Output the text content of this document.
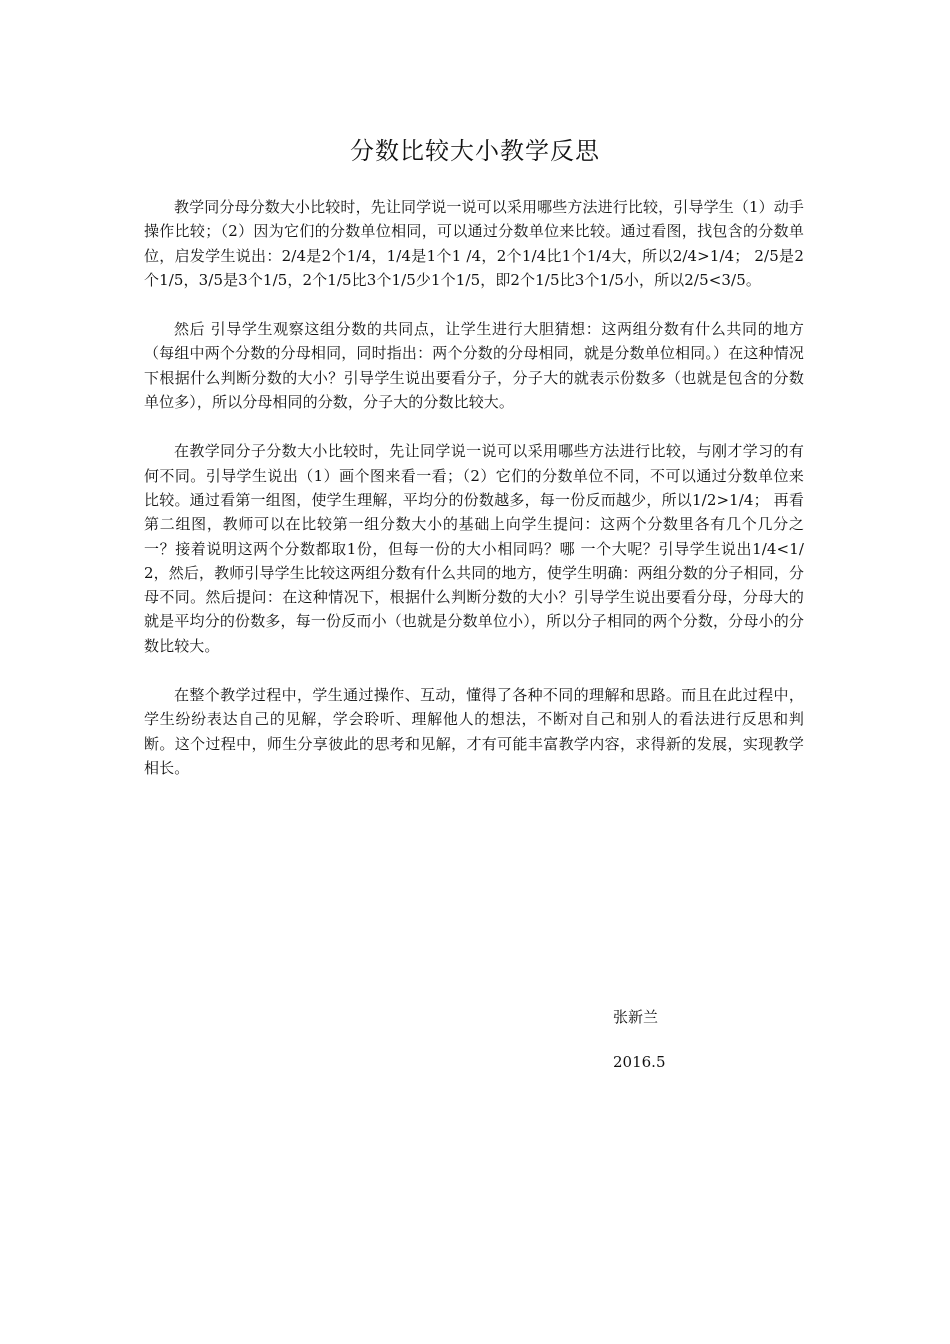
分数比较大小教学反思

教学同分母分数大小比较时，先让同学说一说可以采用哪些方法进行比较，引导学生（1）动手操作比较；（2）因为它们的分数单位相同，可以通过分数单位来比较。通过看图，找包含的分数单位，启发学生说出：2/4是2个1/4，1/4是1个1 /4，2个1/4比1个1/4大，所以2/4>1/4； 2/5是2个1/5，3/5是3个1/5，2个1/5比3个1/5少1个1/5，即2个1/5比3个1/5小，所以2/5<3/5。

然后 引导学生观察这组分数的共同点，让学生进行大胆猜想：这两组分数有什么共同的地方（每组中两个分数的分母相同，同时指出：两个分数的分母相同，就是分数单位相同。）在这种情况下根据什么判断分数的大小？引导学生说出要看分子，分子大的就表示份数多（也就是包含的分数单位多），所以分母相同的分数，分子大的分数比较大。

在教学同分子分数大小比较时，先让同学说一说可以采用哪些方法进行比较，与刚才学习的有何不同。引导学生说出（1）画个图来看一看；（2）它们的分数单位不同，不可以通过分数单位来比较。通过看第一组图，使学生理解，平均分的份数越多，每一份反而越少，所以1/2>1/4； 再看第二组图，教师可以在比较第一组分数大小的基础上向学生提问：这两个分数里各有几个几分之一？接着说明这两个分数都取1份，但每一份的大小相同吗？哪 一个大呢？引导学生说出1/4<1/2，然后，教师引导学生比较这两组分数有什么共同的地方，使学生明确：两组分数的分子相同，分母不同。然后提问：在这种情况下，根据什么判断分数的大小？引导学生说出要看分母，分母大的就是平均分的份数多，每一份反而小（也就是分数单位小），所以分子相同的两个分数，分母小的分数比较大。

在整个教学过程中，学生通过操作、互动，懂得了各种不同的理解和思路。而且在此过程中，学生纷纷表达自己的见解，学会聆听、理解他人的想法，不断对自己和别人的看法进行反思和判断。这个过程中，师生分享彼此的思考和见解，才有可能丰富教学内容，求得新的发展，实现教学相长。

张新兰
2016.5
